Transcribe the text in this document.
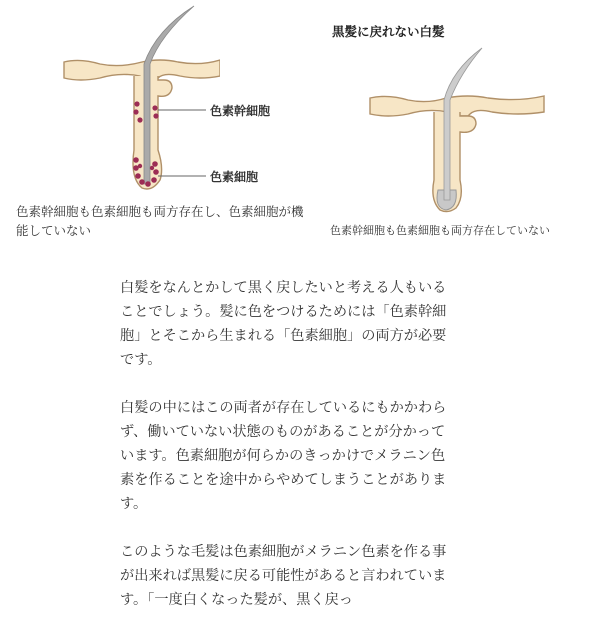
色素幹細胞
色素細胞
色素幹細胞も色素細胞も両方存在し、色素細胞が機能していない
黒髪に戻れない白髪
色素幹細胞も色素細胞も両方存在していない

白髪をなんとかして黒く戻したいと考える人もいることでしょう。髪に色をつけるためには「色素幹細胞」とそこから生まれる「色素細胞」の両方が必要です。

白髪の中にはこの両者が存在しているにもかかわらず、働いていない状態のものがあることが分かっています。色素細胞が何らかのきっかけでメラニン色素を作ることを途中からやめてしまうことがあります。

このような毛髪は色素細胞がメラニン色素を作る事が出来れば黒髪に戻る可能性があると言われています。「一度白くなった髪が、黒く戻っ
